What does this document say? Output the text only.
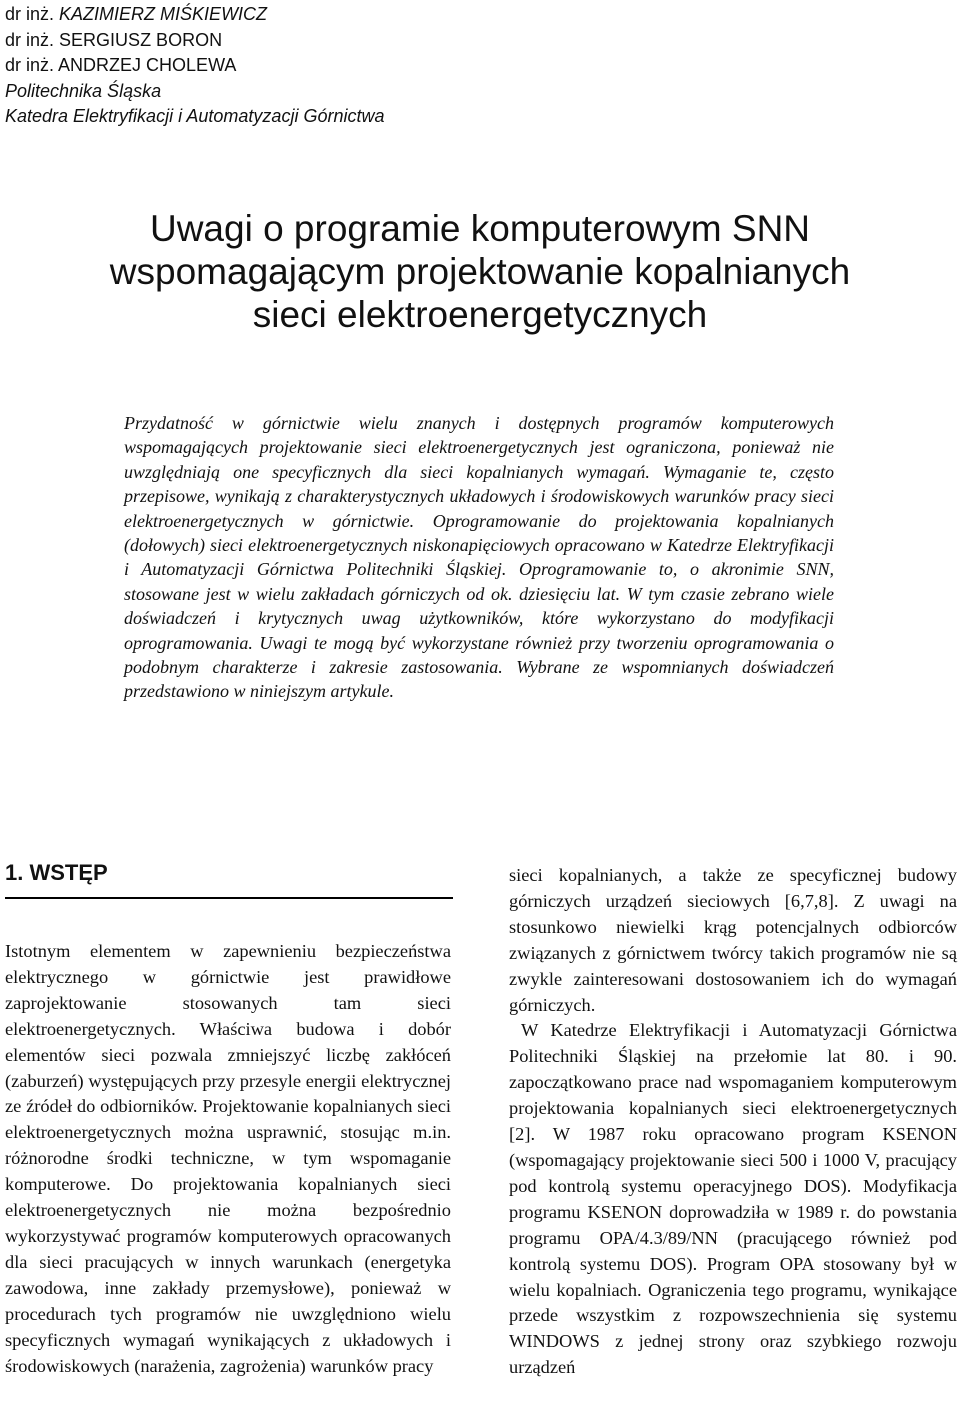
dr inż. KAZIMIERZ MIŚKIEWICZ
dr inż. SERGIUSZ BORON
dr inż. ANDRZEJ CHOLEWA
Politechnika Śląska
Katedra Elektryfikacji i Automatyzacji Górnictwa
Uwagi o programie komputerowym SNN
wspomagającym projektowanie kopalnianych
sieci elektroenergetycznych

Przydatność w górnictwie wielu znanych i dostępnych programów komputerowych wspomagających projektowanie sieci elektroenergetycznych jest ograniczona, ponieważ nie uwzględniają one specyficznych dla sieci kopalnianych wymagań. Wymaganie te, często przepisowe, wynikają z charakterystycznych układowych i środowiskowych warunków pracy sieci elektroenergetycznych w górnictwie. Oprogramowanie do projektowania kopalnianych (dołowych) sieci elektroenergetycznych niskonapięciowych opracowano w Katedrze Elektryfikacji i Automatyzacji Górnictwa Politechniki Śląskiej. Oprogramowanie to, o akronimie SNN, stosowane jest w wielu zakładach górniczych od ok. dziesięciu lat. W tym czasie zebrano wiele doświadczeń i krytycznych uwag użytkowników, które wykorzystano do modyfikacji oprogramowania. Uwagi te mogą być wykorzystane również przy tworzeniu oprogramowania o podobnym charakterze i zakresie zastosowania. Wybrane ze wspomnianych doświadczeń przedstawiono w niniejszym artykule.

1. WSTĘP

Istotnym elementem w zapewnieniu bezpieczeństwa elektrycznego w górnictwie jest prawidłowe zaprojektowanie stosowanych tam sieci elektroenergetycznych. Właściwa budowa i dobór elementów sieci pozwala zmniejszyć liczbę zakłóceń (zaburzeń) występujących przy przesyle energii elektrycznej ze źródeł do odbiorników. Projektowanie kopalnianych sieci elektroenergetycznych można usprawnić, stosując m.in. różnorodne środki techniczne, w tym wspomaganie komputerowe. Do projektowania kopalnianych sieci elektroenergetycznych nie można bezpośrednio wykorzystywać programów komputerowych opracowanych dla sieci pracujących w innych warunkach (energetyka zawodowa, inne zakłady przemysłowe), ponieważ w procedurach tych programów nie uwzględniono wielu specyficznych wymagań wynikających z układowych i środowiskowych (narażenia, zagrożenia) warunków pracy

sieci kopalnianych, a także ze specyficznej budowy górniczych urządzeń sieciowych [6,7,8]. Z uwagi na stosunkowo niewielki krąg potencjalnych odbiorców związanych z górnictwem twórcy takich programów nie są zwykle zainteresowani dostosowaniem ich do wymagań górniczych.

W Katedrze Elektryfikacji i Automatyzacji Górnictwa Politechniki Śląskiej na przełomie lat 80. i 90. zapoczątkowano prace nad wspomaganiem komputerowym projektowania kopalnianych sieci elektroenergetycznych [2]. W 1987 roku opracowano program KSENON (wspomagający projektowanie sieci 500 i 1000 V, pracujący pod kontrolą systemu operacyjnego DOS). Modyfikacja programu KSENON doprowadziła w 1989 r. do powstania programu OPA/4.3/89/NN (pracującego również pod kontrolą systemu DOS). Program OPA stosowany był w wielu kopalniach. Ograniczenia tego programu, wynikające przede wszystkim z rozpowszechnienia się systemu WINDOWS z jednej strony oraz szybkiego rozwoju urządzeń
